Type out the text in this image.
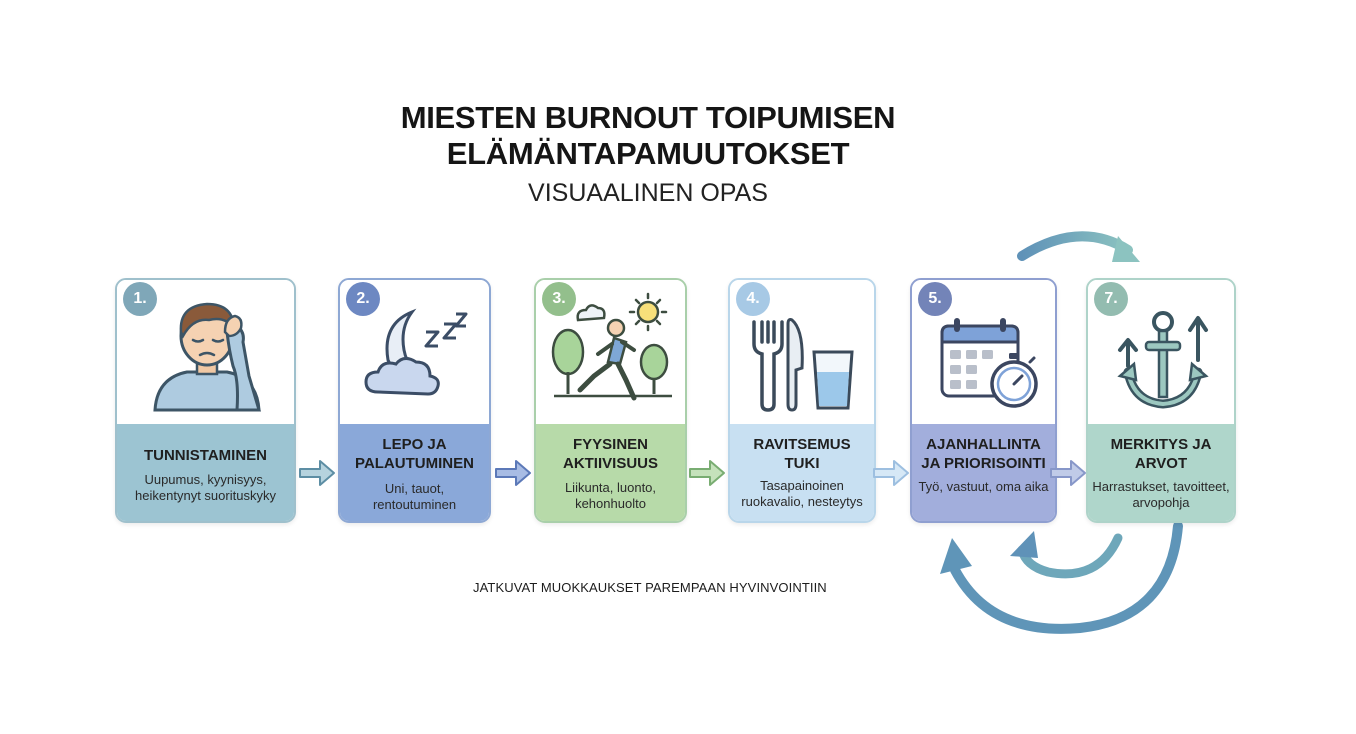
MIESTEN BURNOUT TOIPUMISEN
ELÄMÄNTAPAMUUTOKSET
VISUAALINEN OPAS
1.
TUNNISTAMINEN
Uupumus, kyynisyys, heikentynyt suorituskyky
2.
LEPO JA PALAUTUMINEN
Uni, tauot, rentoutuminen
3.
FYYSINEN AKTIIVISUUS
Liikunta, luonto, kehonhuolto
4.
RAVITSEMUS TUKI
Tasapainoinen ruokavalio, nesteytys
5.
AJANHALLINTA JA PRIORISOINTI
Työ, vastuut, oma aika
7.
MERKITYS JA ARVOT
Harrastukset, tavoitteet, arvopohja
JATKUVAT MUOKKAUKSET PAREMPAAN HYVINVOINTIIN
